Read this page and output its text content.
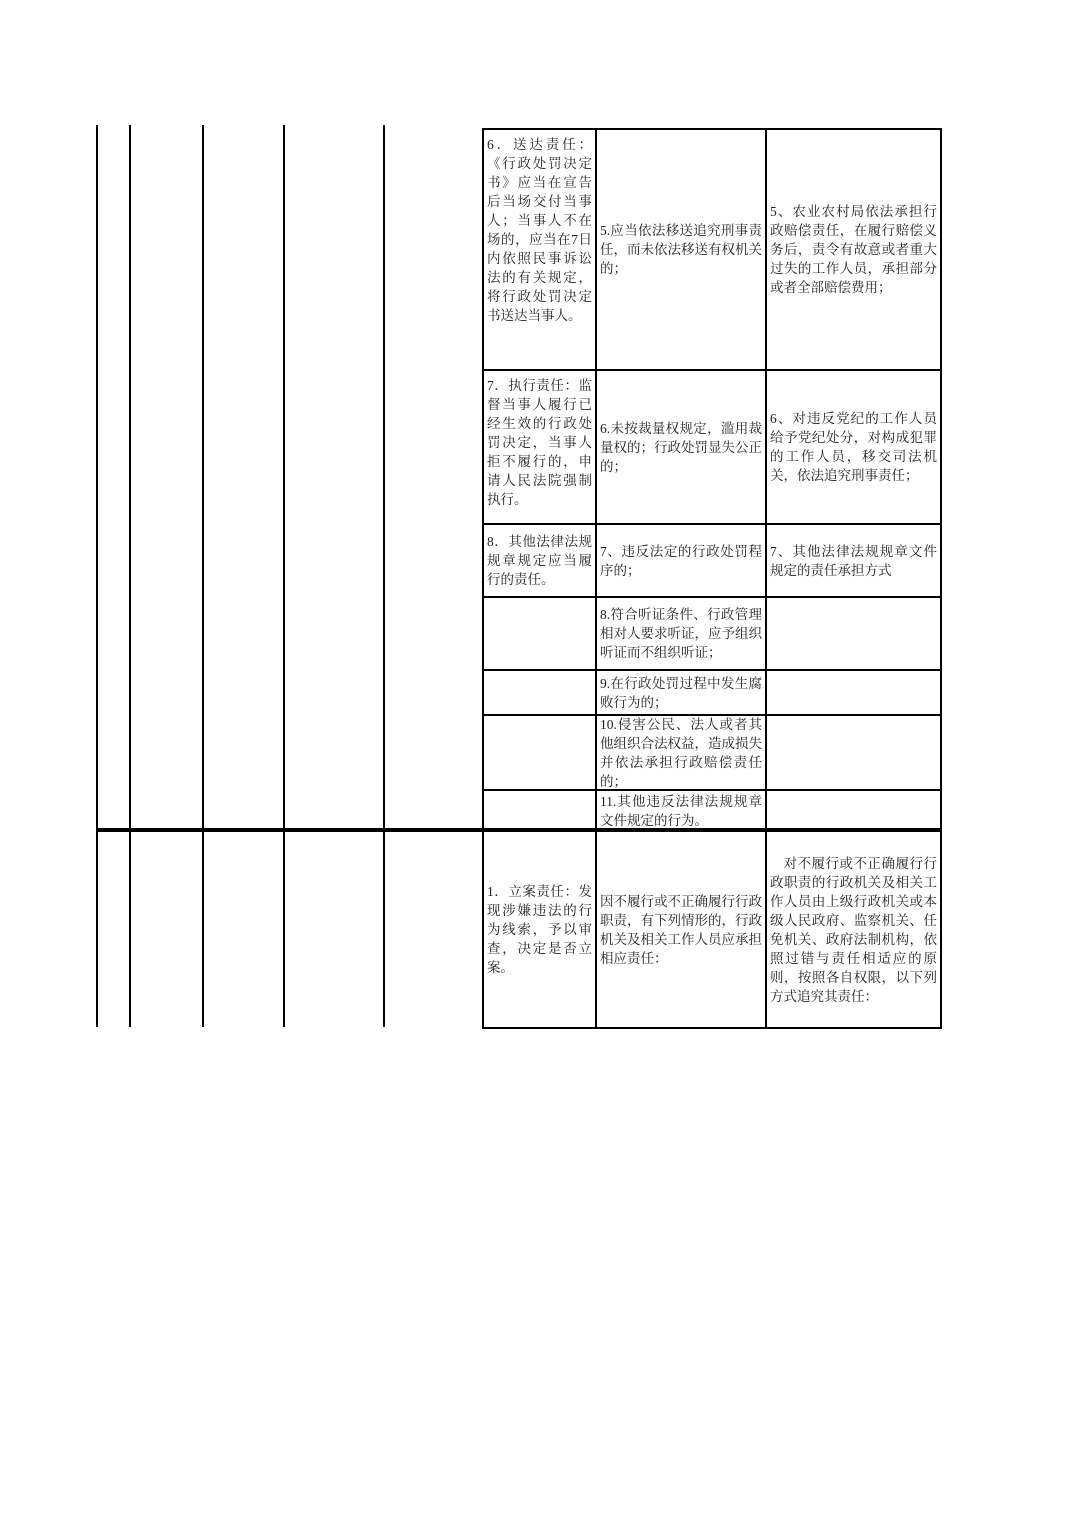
6．送达责任：《行政处罚决定书》应当在宣告后当场交付当事人；当事人不在场的，应当在7日内依照民事诉讼法的有关规定，将行政处罚决定书送达当事人。
5.应当依法移送追究刑事责任，而未依法移送有权机关的；
5、农业农村局依法承担行政赔偿责任，在履行赔偿义务后，责令有故意或者重大过失的工作人员，承担部分或者全部赔偿费用；
7．执行责任：监督当事人履行已经生效的行政处罚决定，当事人拒不履行的，申请人民法院强制执行。
6.未按裁量权规定，滥用裁量权的；行政处罚显失公正的；
6、对违反党纪的工作人员给予党纪处分，对构成犯罪的工作人员，移交司法机关，依法追究刑事责任；
8．其他法律法规规章规定应当履行的责任。
7、违反法定的行政处罚程序的；
7、其他法律法规规章文件规定的责任承担方式
8.符合听证条件、行政管理相对人要求听证，应予组织听证而不组织听证；
9.在行政处罚过程中发生腐败行为的；
10.侵害公民、法人或者其他组织合法权益，造成损失并依法承担行政赔偿责任的；
11.其他违反法律法规规章文件规定的行为。
1．立案责任：发现涉嫌违法的行为线索，予以审查，决定是否立案。
因不履行或不正确履行行政职责，有下列情形的，行政机关及相关工作人员应承担相应责任：
对不履行或不正确履行行政职责的行政机关及相关工作人员由上级行政机关或本级人民政府、监察机关、任免机关、政府法制机构，依照过错与责任相适应的原则，按照各自权限，以下列方式追究其责任：
